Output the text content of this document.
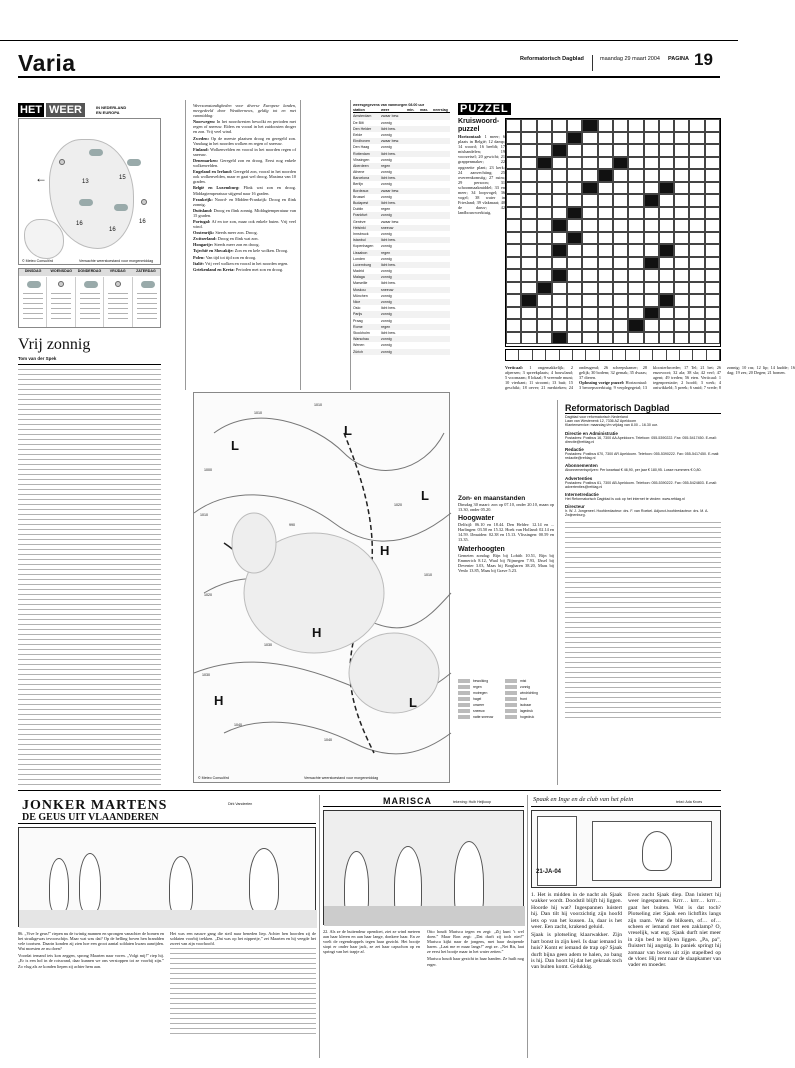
Varia	Reformatorisch Dagblad	maandag 29 maart 2004 PAGINA 19
HET WEER	IN NEDERLAND
EN EUROPA
←	13
15
16
16
16
© Meteo Consult/rd	Verwachte weerstoestand voor morgenmiddag
DINSDAG	WOENSDAG	DONDERDAG	VRIJDAG	ZATERDAG
Vrij zonnig
Tom van der Spek
Weersomstandigheden voor diverse Europese landen, meegedeeld door Weathernews, geldig tot en met vanmiddag:
Noorwegen: In het noordwesten bewolkt en perioden met regen of sneeuw. Elders en vooral in het zuidoosten droger en zon. Vrij veel wind.
Zweden: Op de meeste plaatsen droog en geregeld zon. Vandaag in het noorden wolken en regen of sneeuw.
Finland: Wolkenvelden en vooral in het noorden regen of sneeuw.
Denemarken: Geregeld zon en droog. Eerst nog enkele wolkenvelden.
Engeland en Ierland: Geregeld zon, vooral in het noorden ook wolkenvelden, maar er gaat wel droog. Maxima van 10 graden.
België en Luxemburg: Flink wat zon en droog. Middagtemperatuur stijgend naar 16 graden.
Frankrijk: Noord- en Midden-Frankrijk: Droog en flink zonnig.
Duitsland: Droog en flink zonnig. Middagtemperatuur van 15 graden.
Portugal: Af en toe zon, maar ook enkele buien. Vrij veel wind.
Oostenrijk: Steeds meer zon. Droog.
Zwitserland: Droog en flink wat zon.
Hongarije: Steeds meer zon en droog.
Tsjechië en Slowakije: Zon en en kele wolken. Droog.
Polen: Van tijd tot tijd zon en droog.
Italië: Vrij veel wolken en vooral in het noorden regen.
Griekenland en Kreta: Perioden met zon en droog.
weersgegevens van vanmorgen 08.00 uur
station	weer	min.	max.	neerslag
Amsterdam	zwaar bew.
De Bilt	zonnig
Den Helder	licht bew.
Eelde	zonnig
Eindhoven	zwaar bew.
Den Haag	zonnig
Rotterdam	licht bew.
Vlissingen	zonnig
Aberdeen	regen
Athene	zonnig
Barcelona	licht bew.
Berlijn	zonnig
Bordeaux	zwaar bew.
Brussel	zonnig
Budapest	licht bew.
Dublin	regen
Frankfurt	zonnig
Genève	zwaar bew.
Helsinki	sneeuw
Innsbruck	zonnig
Istanbul	licht bew.
Kopenhagen	zonnig
Lissabon	regen
Londen	zonnig
Luxemburg	licht bew.
Madrid	zonnig
Malaga	zonnig
Marseille	licht bew.
Moskou	sneeuw
München	zonnig
Nice	zonnig
Oslo	licht bew.
Parijs	zonnig
Praag	zonnig
Rome	regen
Stockholm	licht bew.
Warschau	zonnig
Wenen	zonnig
Zürich	zonnig
L
L
L
H
H	L
H
1000
1010
1010
1010
1020
1020
1030
1030
1040
1040
990
1010
© Meteo Consult/rd	Verwachte weerstoestand voor morgenmiddag
Zon- en maanstanden
Dinsdag 30 maart: zon op 07.10, onder 20.10, maan op 13.30, onder 05.20.
Hoogwater
Delfzijl: 06.10 en 18.44. Den Helder: 12.14 en ... Harlingen: 03.50 en 15.32. Hoek van Holland: 02.14 en 14.59. IJmuiden: 02.38 en 15.13. Vlissingen: 00.59 en 13.35.
Waterhoogten
Gemeten zondag: Rijn bij Lobith 10.51, Rijn bij Emmerich 8.12, Waal bij Nijmegen 7.93, IJssel bij Deventer 3.03, Maas bij Borgharen 38.20, Maas bij Venlo 13.85, Maas bij Grave 5.23.
bewolking	mist
regen	zonnig
motregen	windrichting
hagel	front
onweer	isobaar
sneeuw	lagedruk
natte sneeuw	hogedruk
PUZZEL
Kruiswoord-puzzel
Horizontaal: 1 meer; 6 plaats in België; 12 damp; 14 woord; 16 beeldt; 17 mishandelen; 19 voorzetsel; 20 gewicht; 21 grappenmaker; 22 opgezette plant; 23 kerk; 24 aanvechting; 25 overeenkomstig; 27 ruim; 29 persoon; 31 schoonmaakmiddel; 33 en meer; 34 loopvogel; 36 vogel; 38 water in Friesland; 39 vlakmaat; 40 de daruv; 42 landbouwwerktuig.
Verticaal: 1 ongemakkelijk; 2 afpersen; 3 spreekplaats; 4 bouwland; 5 voornaam; 8 lokaal; 9 vreemde munt; 10 vierkant; 11 stroomt; 13 buit; 15 geschikt; 18 oever; 21 merkteken; 24 ondeugend; 26 scheepskamer; 28 gelijk; 30 bodem; 32 gemak; 35 dwaas; 37 dieren.
Oplossing vorige puzzel: Horizontaal: 3 beroepswerktuig; 9 verplegegetal; 13 kloosterbroeder; 17 Tel; 21 bet; 26 enzovoort; 32 ala; 38 sla; 42 verf; 47 agent; 49 treden; 56 eten. Verticaal: 1 tegenprestatie; 2 hoofd; 3 werk; 4 ontwikkeld; 5 preek; 6 smid; 7 vrede; 8 zonnig; 10 ras; 12 lip; 14 kudde; 16 dag; 19 zes; 20 Degen; 21 bomen.
Reformatorisch Dagblad
Dagblad voor reformatorisch Nederland
Laan van Westenenk 12, 7336 AZ Apeldoorn
Klantenservice: maandag t/m vrijdag van 8.00 – 16.30 uur.
Directie en Administratie
Postadres: Postbus 16, 7300 AA Apeldoorn. Telefoon: 055-5390222. Fax: 055-5417450. E-mail: directie@refdag.nl
Redactie
Postadres: Postbus 670, 7300 AR Apeldoorn. Telefoon: 055-5390222. Fax: 055-5417450. E-mail: redactie@refdag.nl
Abonnementen
Abonnementsprijzen: Per kwartaal € 46,90, per jaar € 180,95. Losse nummers € 0,80.
Advertenties
Postadres: Postbus 61, 7300 AB Apeldoorn. Telefoon: 055-5390222. Fax: 055-5424803. E-mail: advertenties@refdag.nl
Internetredactie
Het Reformatorisch Dagblad is ook op het internet te vinden: www.refdag.nl
Directeur
Ir. W. J. Jongeneel. Hoofdredacteur: drs. F. van Roekel. Adjunct-hoofdredacteur: drs. M. A. Zwijnenburg.
JONKER MARTENS
DE GEUS UIT VLAANDEREN
Dirk Vandeelen
86. „Vive le geus!” riepen nu de twintig mannen en sprongen vanachter de bomen en het struikgewas tevoorschijn. Maar wat was dat? Op de helling boven hen brandden vele toortsen. Daarin konden zij zien hoe een groot aantal soldaten kwam aanrijden. Wat moesten ze nu doen?
Voordat iemand iets kon zeggen, sprong Maarten naar voren. „Volgt mij!” riep hij. „Er is een hol in de rotswand, daar kunnen we ons verstoppen tot ze voorbij zijn.” Zo vlug als ze konden liepen zij achter hem aan.
Het was een nauwe gang die steil naar beneden liep. Achter hen hoorden zij de soldaten voorbij trekken. „Dat was op het nippertje,” zei Maarten en hij veegde het zweet van zijn voorhoofd.
MARISCA	tekening: Huib Heijkoop
22. Als ze de buitendeur opendoet, ziet ze wind meteen aan haar kleren en aan haar lange, donkere haar. En ze voelt de regendruppels tegen haar gezicht. Het bootje stopt er onder haar jack, ze zet haar capuchon op en springt van het trapje af.
Otto houdt Marisca tegen en zegt: „Zij kunt ’t wel doen.” Maar Ron zegt: „Dat durft zij toch niet!” Marisca kijkt naar de jongens, met haar druipende haren. „Laat me er maar langs!” zegt ze. „Net Ris, laat ze eerst het bootje maar in het water zetten.”
Marisca houdt haar gezicht in haar handen. Ze huilt nog erger.
Spaak en Inge en de club van het plein	tekst: Ada Kroes
21-JA-04
1. Het is midden in de nacht als Sjaak wakker wordt. Doodstil blijft hij liggen. Hoorde hij wat? Ingespannen luistert hij. Dan tilt hij voorzichtig zijn hoofd iets op van het kussen. Ja, daar is het weer. Een zacht, krakend geluid.
Sjaak is plotseling klaarwakker. Zijn hart bonst in zijn keel. Is daar iemand in huis? Komt er iemand de trap op? Sjaak durft bijna geen adem te halen, zo bang is hij. Dan hoort hij dat het gekraak toch van buiten komt. Gelukkig.
Even zucht Sjaak diep. Dan luistert hij weer ingespannen. Krrr… krrr… krrr… gaat het buiten. Wat is dat toch? Plotseling ziet Sjaak een lichtflits langs zijn raam. Wat de bliksem, of… of… scheen er iemand met een zaklamp? O, vreselijk, wat eng. Sjaak durft niet meer in zijn bed te blijven liggen. „Pa, pa”, fluistert hij angstig. In paniek springt hij zomaar van boven uit zijn stapelbed op de vloer. Hij rent naar de slaapkamer van vader en moeder.
